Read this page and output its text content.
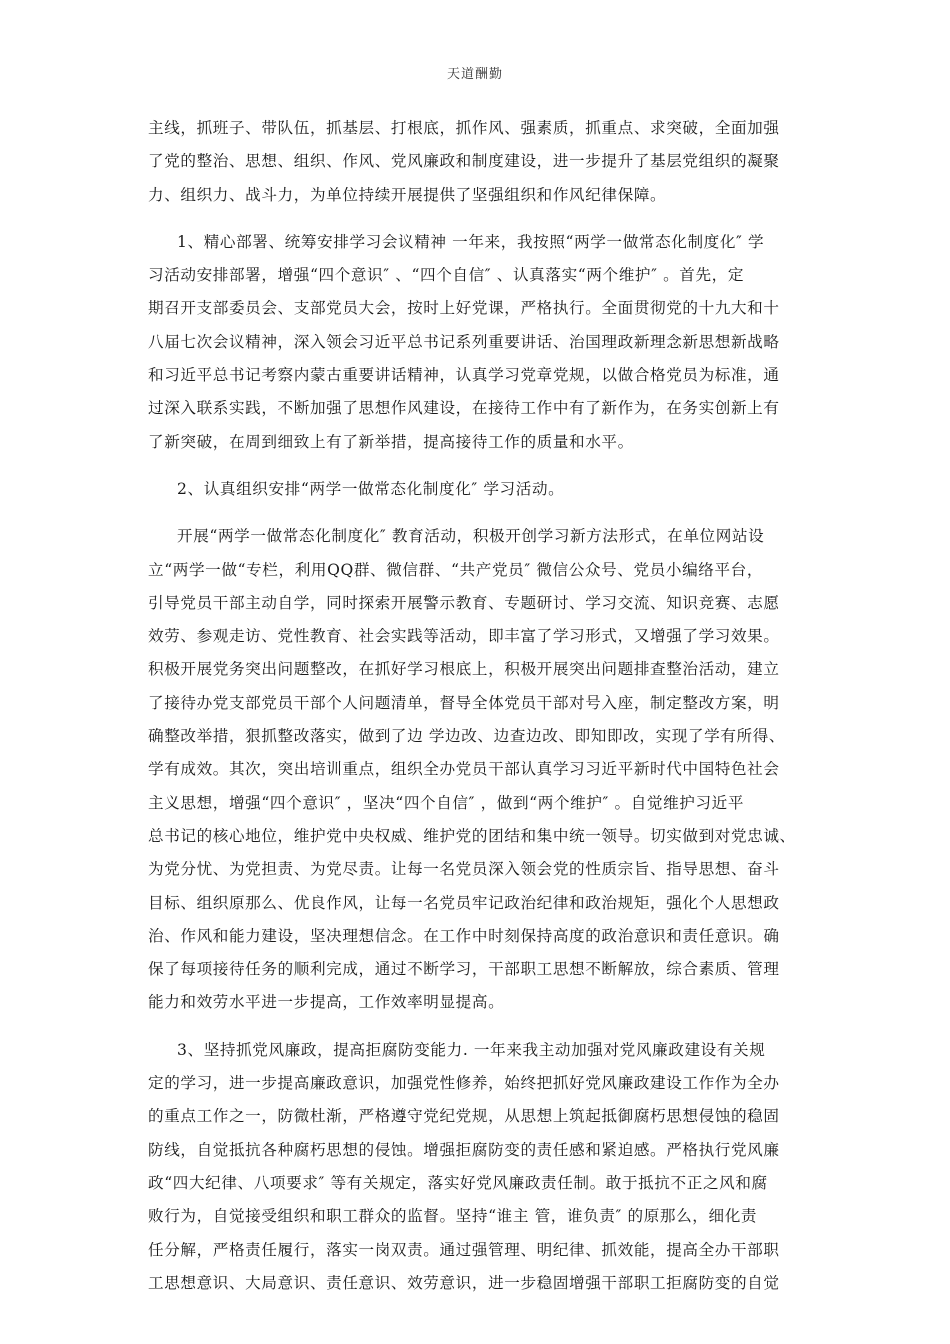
天道酬勤
主线，抓班子、带队伍，抓基层、打根底，抓作风、强素质，抓重点、求突破，全面加强
了党的整治、思想、组织、作风、党风廉政和制度建设，进一步提升了基层党组织的凝聚
力、组织力、战斗力，为单位持续开展提供了坚强组织和作风纪律保障。
1、精心部署、统筹安排学习会议精神 一年来，我按照“两学一做常态化制度化″ 学
习活动安排部署，增强“四个意识″ 、“四个自信″ 、认真落实“两个维护″ 。首先，定
期召开支部委员会、支部党员大会，按时上好党课，严格执行。全面贯彻党的十九大和十
八届七次会议精神，深入领会习近平总书记系列重要讲话、治国理政新理念新思想新战略
和习近平总书记考察内蒙古重要讲话精神，认真学习党章党规，以做合格党员为标准，通
过深入联系实践，不断加强了思想作风建设，在接待工作中有了新作为，在务实创新上有
了新突破，在周到细致上有了新举措，提高接待工作的质量和水平。
2、认真组织安排“两学一做常态化制度化″ 学习活动。
开展“两学一做常态化制度化″ 教育活动，积极开创学习新方法形式，在单位网站设
立“两学一做“专栏，利用QQ群、微信群、“共产党员″ 微信公众号、党员小编络平台，
引导党员干部主动自学，同时探索开展警示教育、专题研讨、学习交流、知识竞赛、志愿
效劳、参观走访、党性教育、社会实践等活动，即丰富了学习形式，又增强了学习效果。
积极开展党务突出问题整改，在抓好学习根底上，积极开展突出问题排查整治活动，建立
了接待办党支部党员干部个人问题清单，督导全体党员干部对号入座，制定整改方案，明
确整改举措，狠抓整改落实，做到了边 学边改、边查边改、即知即改，实现了学有所得、
学有成效。其次，突出培训重点，组织全办党员干部认真学习习近平新时代中国特色社会
主义思想，增强“四个意识″ ，坚决“四个自信″ ，做到“两个维护″ 。自觉维护习近平
总书记的核心地位，维护党中央权威、维护党的团结和集中统一领导。切实做到对党忠诚、
为党分忧、为党担责、为党尽责。让每一名党员深入领会党的性质宗旨、指导思想、奋斗
目标、组织原那么、优良作风，让每一名党员牢记政治纪律和政治规矩，强化个人思想政
治、作风和能力建设，坚决理想信念。在工作中时刻保持高度的政治意识和责任意识。确
保了每项接待任务的顺利完成，通过不断学习，干部职工思想不断解放，综合素质、管理
能力和效劳水平进一步提高，工作效率明显提高。
3、坚持抓党风廉政，提高拒腐防变能力. 一年来我主动加强对党风廉政建设有关规
定的学习，进一步提高廉政意识，加强党性修养，始终把抓好党风廉政建设工作作为全办
的重点工作之一，防微杜渐，严格遵守党纪党规，从思想上筑起抵御腐朽思想侵蚀的稳固
防线，自觉抵抗各种腐朽思想的侵蚀。增强拒腐防变的责任感和紧迫感。严格执行党风廉
政“四大纪律、八项要求″ 等有关规定，落实好党风廉政责任制。敢于抵抗不正之风和腐
败行为，自觉接受组织和职工群众的监督。坚持“谁主 管，谁负责″ 的原那么，细化责
任分解，严格责任履行，落实一岗双责。通过强管理、明纪律、抓效能，提高全办干部职
工思想意识、大局意识、责任意识、效劳意识，进一步稳固增强干部职工拒腐防变的自觉
